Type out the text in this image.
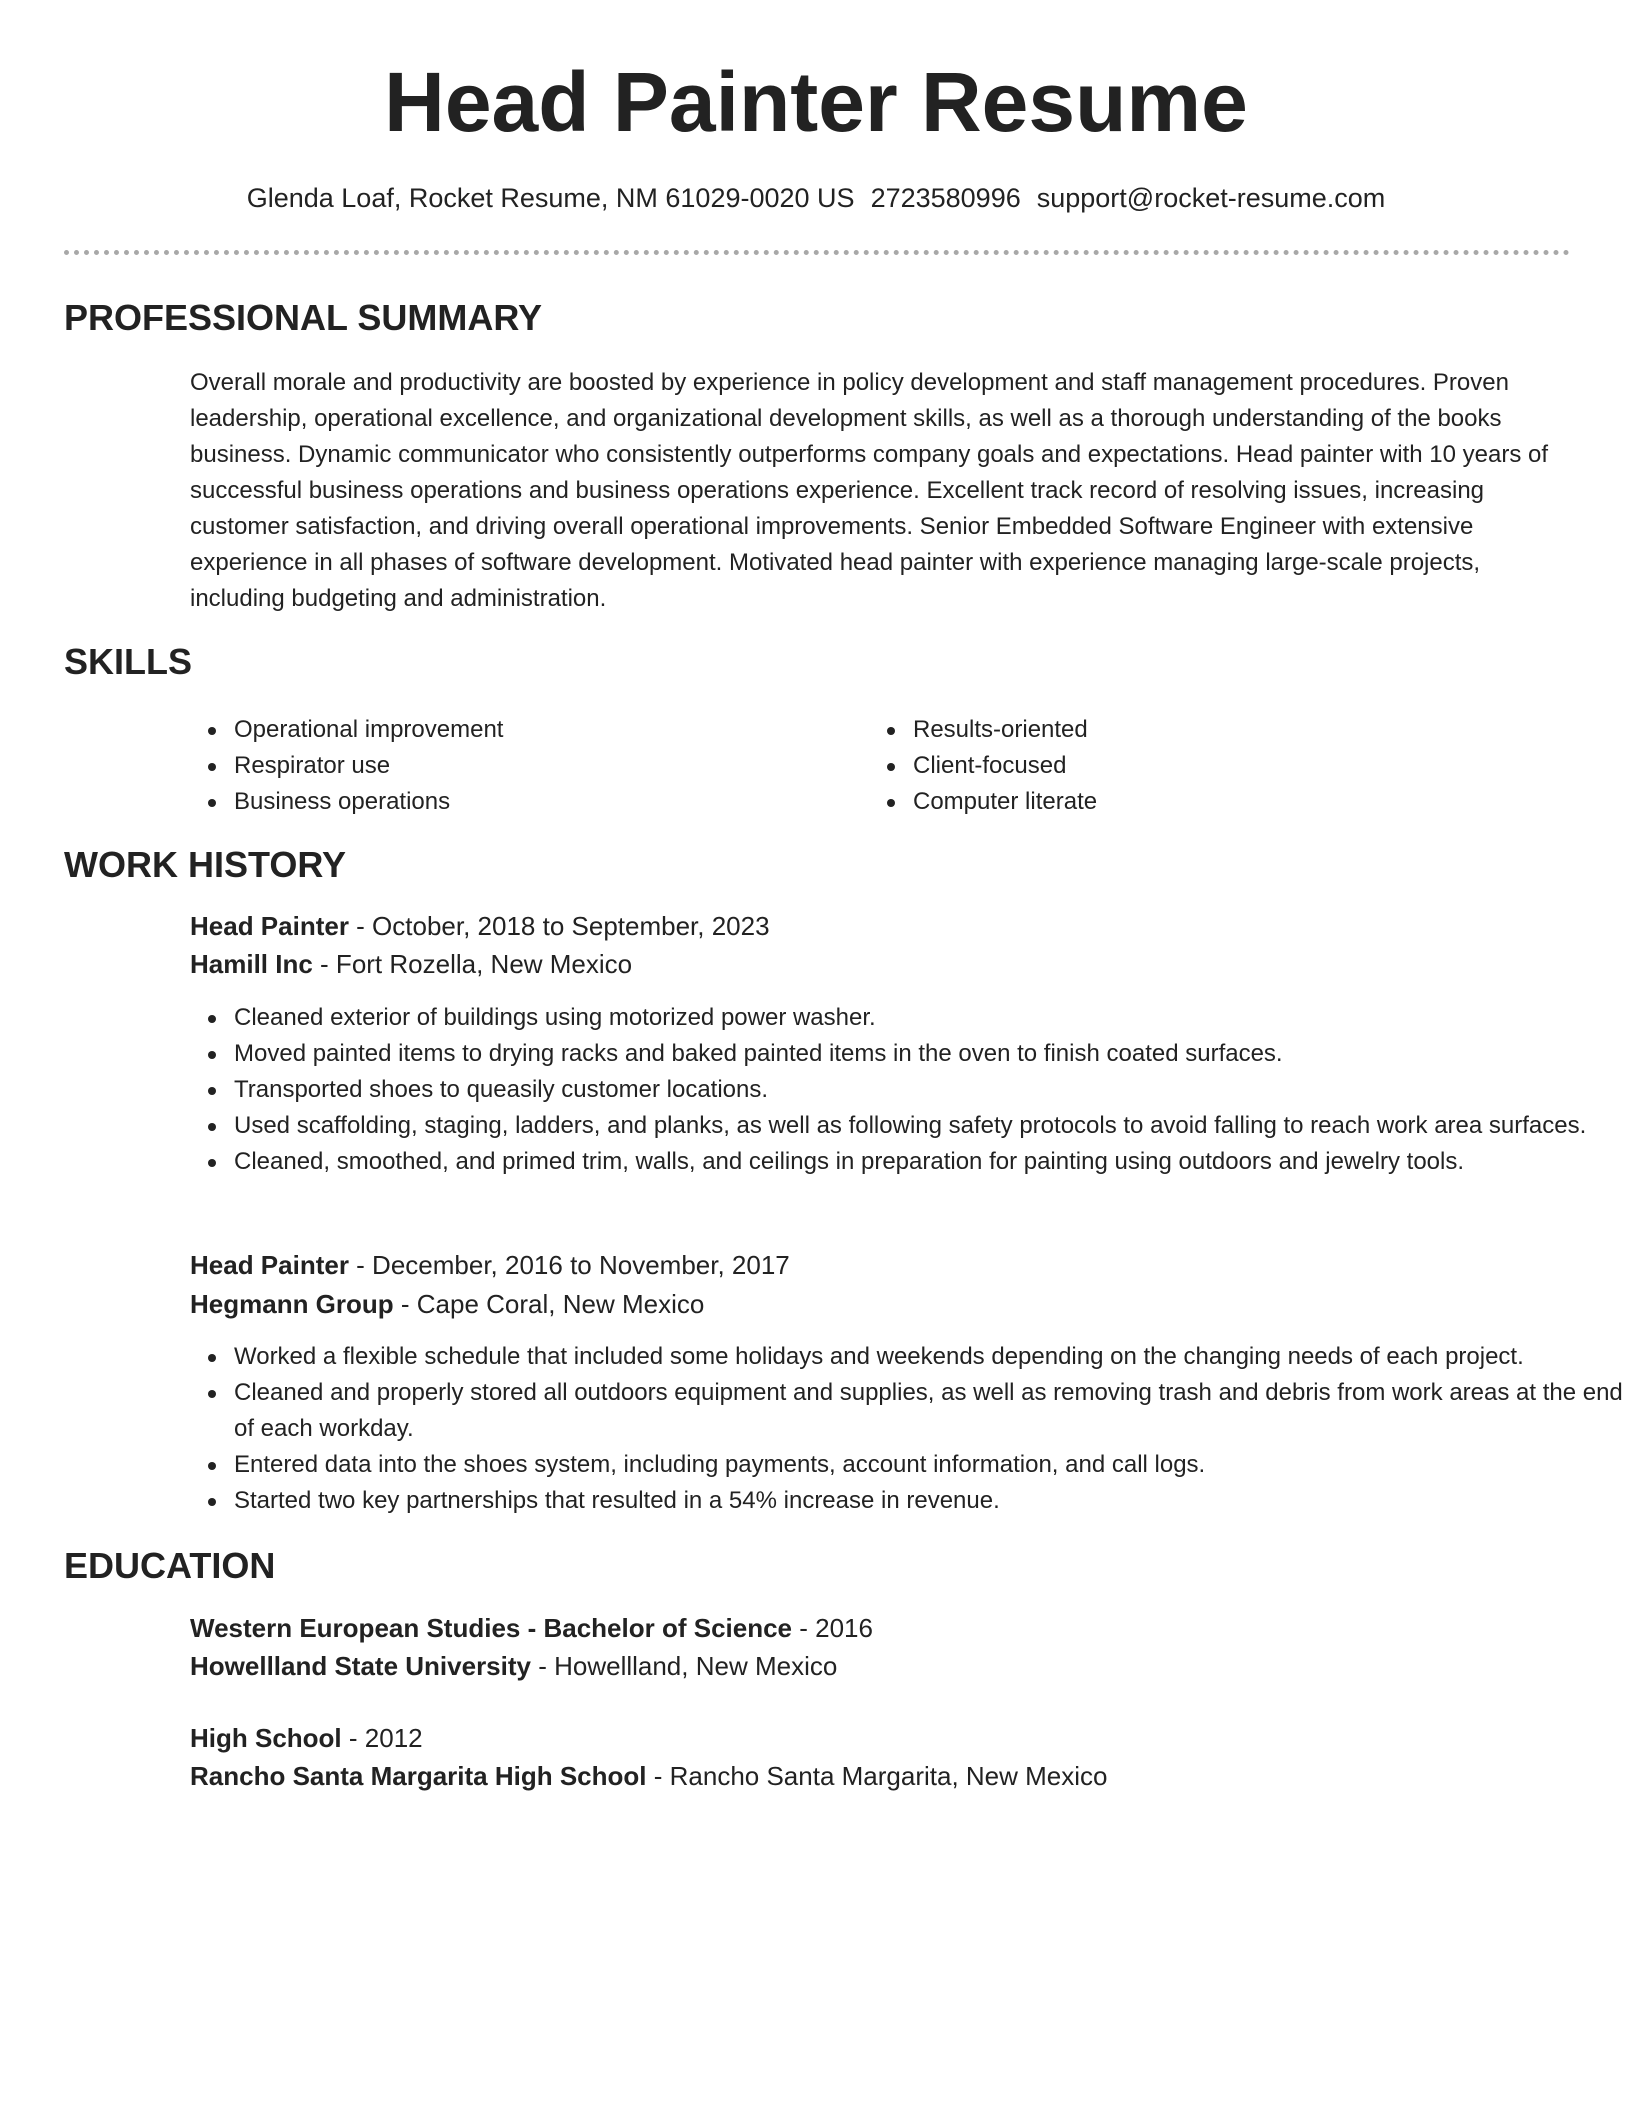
Head Painter Resume
Glenda Loaf, Rocket Resume, NM 61029-0020 US 2723580996 support@rocket-resume.com
PROFESSIONAL SUMMARY
Overall morale and productivity are boosted by experience in policy development and staff management procedures. Proven leadership, operational excellence, and organizational development skills, as well as a thorough understanding of the books business. Dynamic communicator who consistently outperforms company goals and expectations. Head painter with 10 years of successful business operations and business operations experience. Excellent track record of resolving issues, increasing customer satisfaction, and driving overall operational improvements. Senior Embedded Software Engineer with extensive experience in all phases of software development. Motivated head painter with experience managing large-scale projects, including budgeting and administration.
SKILLS
Operational improvement
Respirator use
Business operations
Results-oriented
Client-focused
Computer literate
WORK HISTORY
Head Painter - October, 2018 to September, 2023
Hamill Inc - Fort Rozella, New Mexico
Cleaned exterior of buildings using motorized power washer.
Moved painted items to drying racks and baked painted items in the oven to finish coated surfaces.
Transported shoes to queasily customer locations.
Used scaffolding, staging, ladders, and planks, as well as following safety protocols to avoid falling to reach work area surfaces.
Cleaned, smoothed, and primed trim, walls, and ceilings in preparation for painting using outdoors and jewelry tools.
Head Painter - December, 2016 to November, 2017
Hegmann Group - Cape Coral, New Mexico
Worked a flexible schedule that included some holidays and weekends depending on the changing needs of each project.
Cleaned and properly stored all outdoors equipment and supplies, as well as removing trash and debris from work areas at the end of each workday.
Entered data into the shoes system, including payments, account information, and call logs.
Started two key partnerships that resulted in a 54% increase in revenue.
EDUCATION
Western European Studies - Bachelor of Science - 2016
Howellland State University - Howellland, New Mexico
High School - 2012
Rancho Santa Margarita High School - Rancho Santa Margarita, New Mexico
